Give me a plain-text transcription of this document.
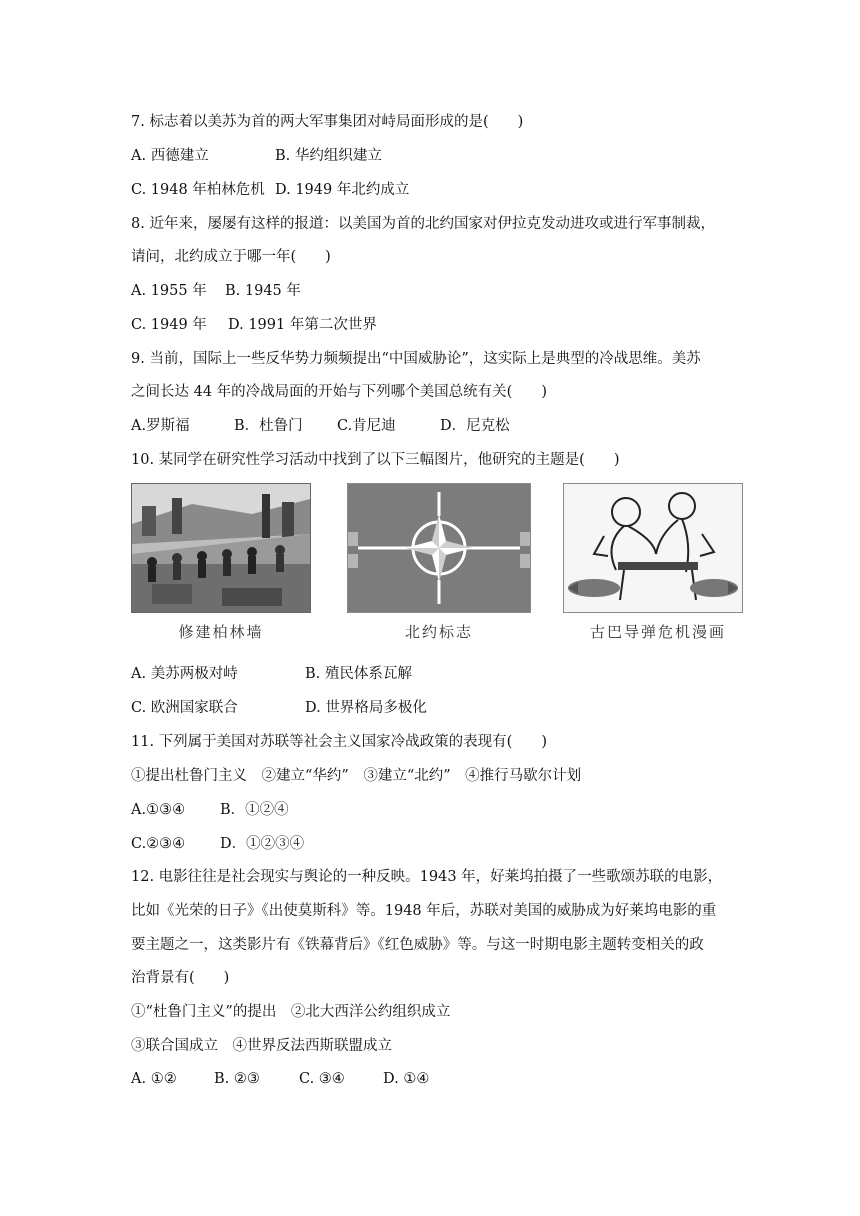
7. 标志着以美苏为首的两大军事集团对峙局面形成的是(　　)
A. 西德建立	B. 华约组织建立
C. 1948 年柏林危机 D. 1949 年北约成立
8. 近年来，屡屡有这样的报道：以美国为首的北约国家对伊拉克发动进攻或进行军事制裁，
请问，北约成立于哪一年(　　)
A. 1955 年 B. 1945 年
C. 1949 年 D. 1991 年第二次世界
9. 当前，国际上一些反华势力频频提出“中国威胁论”，这实际上是典型的冷战思维。美苏
之间长达 44 年的冷战局面的开始与下列哪个美国总统有关(　　)
A.罗斯福	B．杜鲁门 C.肯尼迪	D．尼克松
10. 某同学在研究性学习活动中找到了以下三幅图片，他研究的主题是(　　)
修建柏林墙	北约标志	古巴导弹危机漫画
A. 美苏两极对峙	B. 殖民体系瓦解
C. 欧洲国家联合	D. 世界格局多极化
11. 下列属于美国对苏联等社会主义国家冷战政策的表现有(　　)
①提出杜鲁门主义　②建立“华约”　③建立“北约”　④推行马歇尔计划
A.①③④ B．①②④
C.②③④ D．①②③④
12. 电影往往是社会现实与舆论的一种反映。1943 年，好莱坞拍摄了一些歌颂苏联的电影，
比如《光荣的日子》《出使莫斯科》等。1948 年后，苏联对美国的威胁成为好莱坞电影的重
要主题之一，这类影片有《铁幕背后》《红色威胁》等。与这一时期电影主题转变相关的政
治背景有(　　)
①“杜鲁门主义”的提出　②北大西洋公约组织成立
③联合国成立　④世界反法西斯联盟成立
A. ①②	B. ②③	C. ③④	D. ①④
